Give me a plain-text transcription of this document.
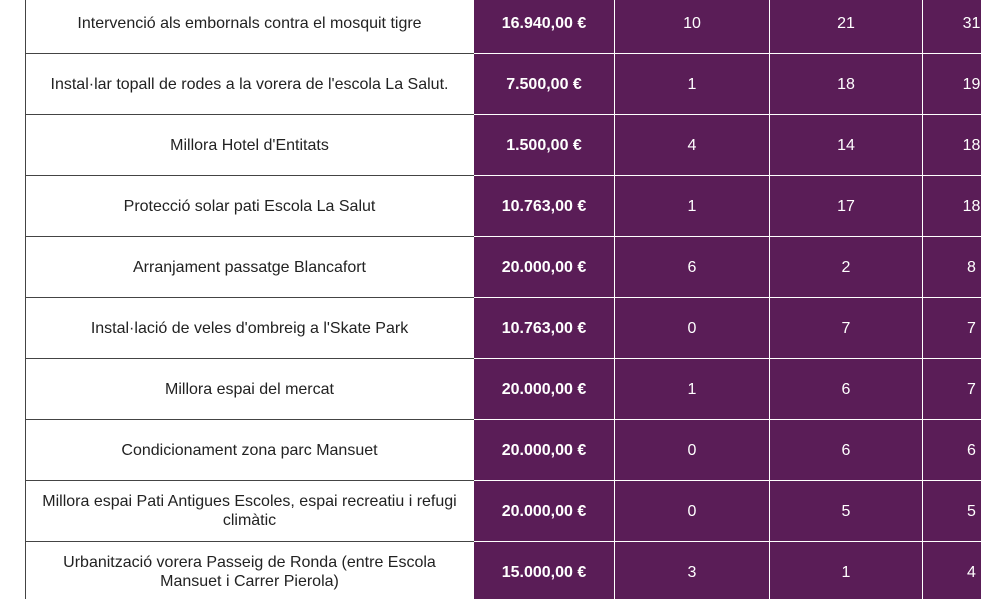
Intervenció als embornals contra el mosquit tigre	16.940,00 €	10	21	31
Instal·lar topall de rodes a la vorera de l'escola La Salut.	7.500,00 €	1	18	19
Millora Hotel d'Entitats	1.500,00 €	4	14	18
Protecció solar pati Escola La Salut	10.763,00 €	1	17	18
Arranjament passatge Blancafort	20.000,00 €	6	2	8
Instal·lació de veles d'ombreig a l'Skate Park	10.763,00 €	0	7	7
Millora espai del mercat	20.000,00 €	1	6	7
Condicionament zona parc Mansuet	20.000,00 €	0	6	6
Millora espai Pati Antigues Escoles, espai recreatiu i refugi climàtic	20.000,00 €	0	5	5
Urbanització vorera Passeig de Ronda (entre Escola Mansuet i Carrer Pierola)	15.000,00 €	3	1	4
